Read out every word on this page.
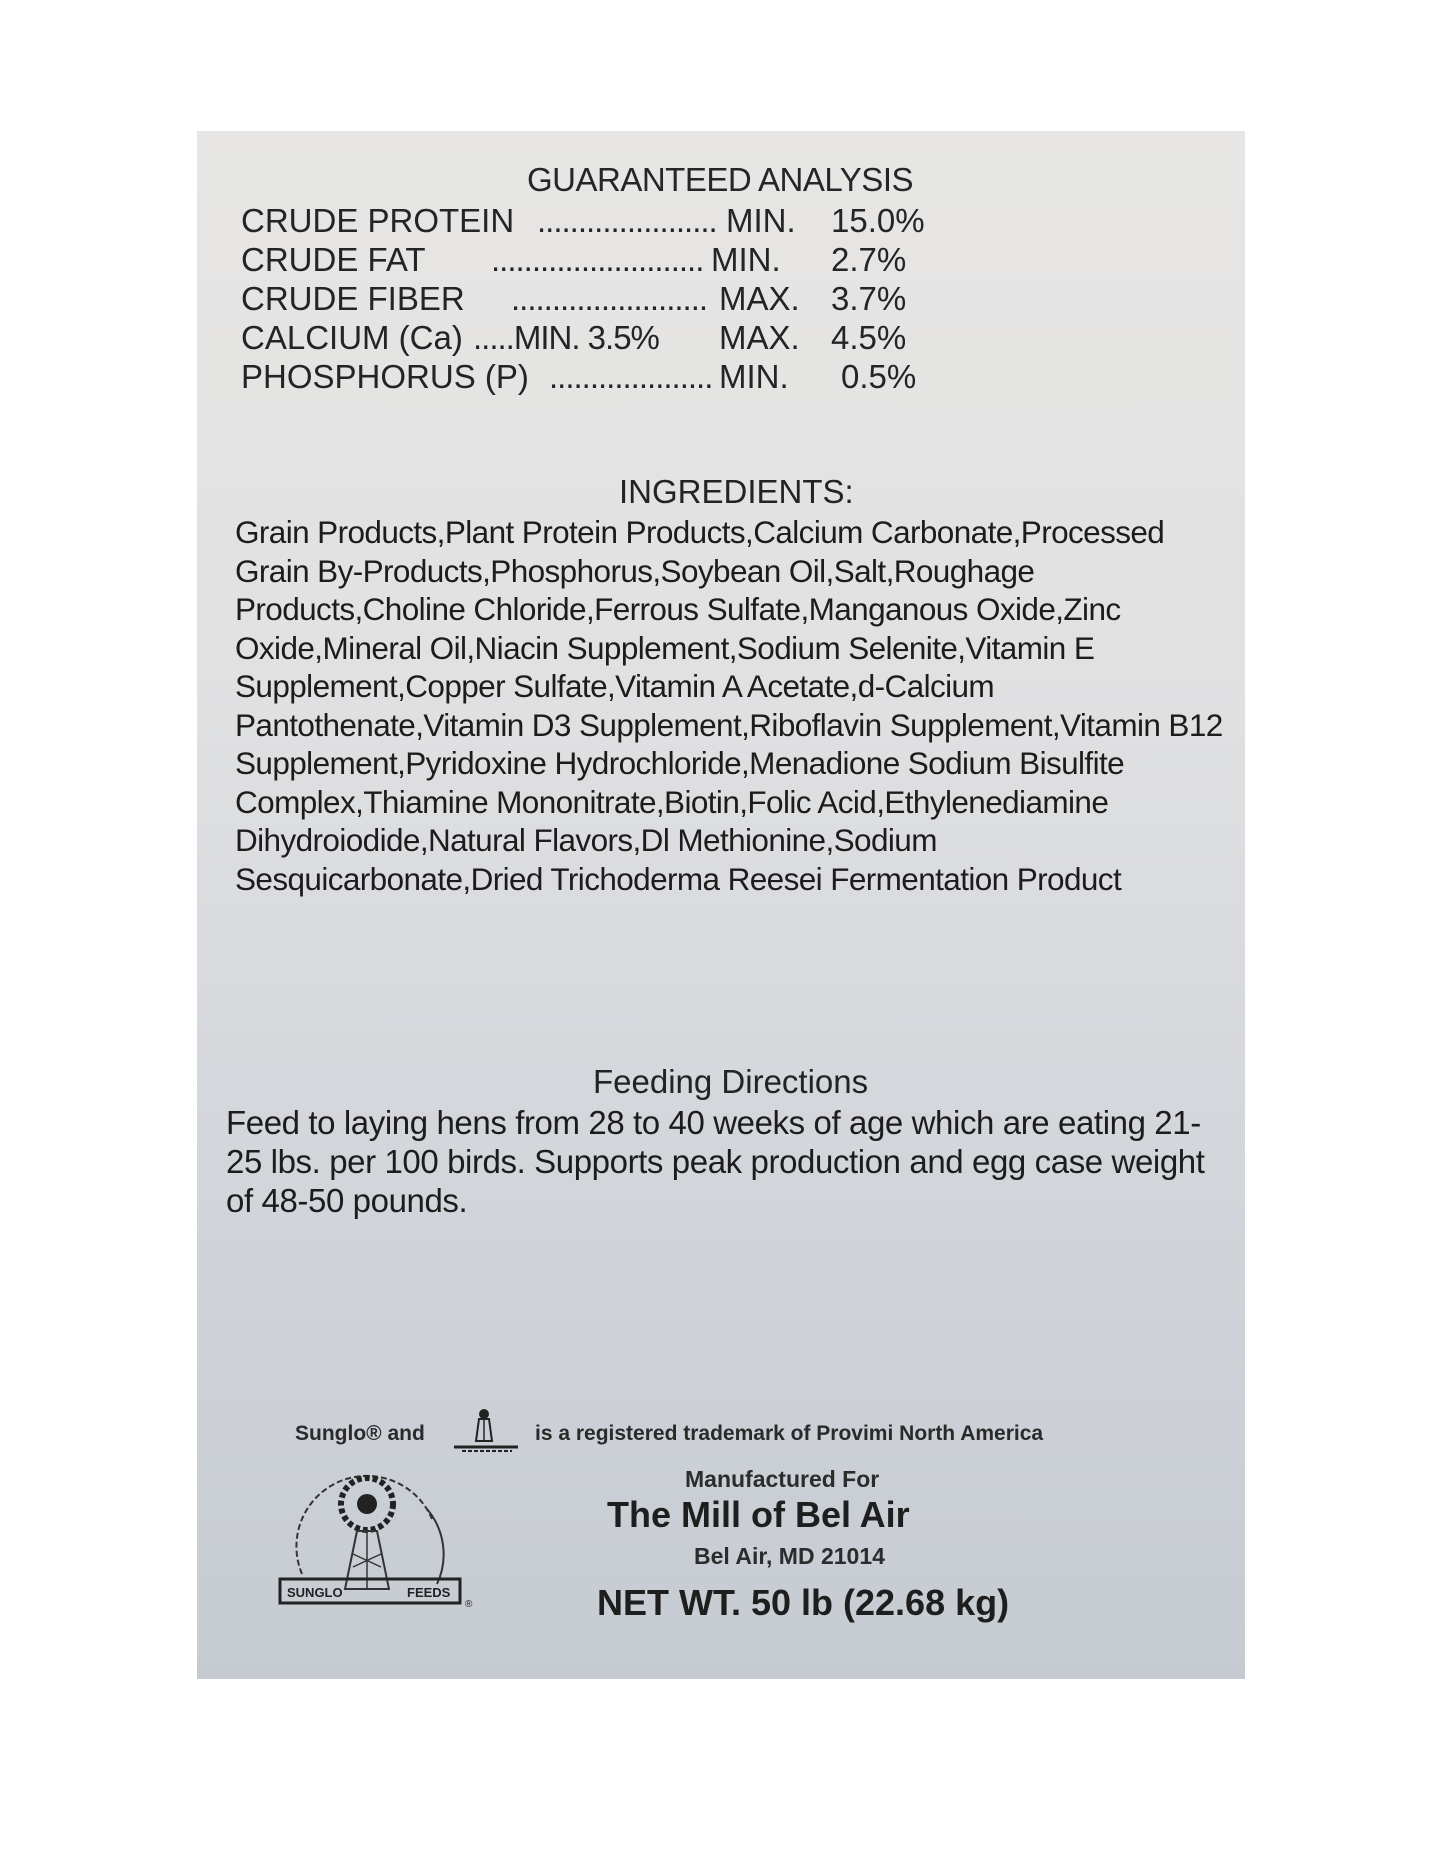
GUARANTEED ANALYSIS
CRUDE PROTEIN ...................... MIN. 15.0%
CRUDE FAT .......................... MIN. 2.7%
CRUDE FIBER ........................ MAX. 3.7%
CALCIUM (Ca) .....MIN. 3.5% MAX. 4.5%
PHOSPHORUS (P) .................... MIN. 0.5%
INGREDIENTS:
Grain Products,Plant Protein Products,Calcium Carbonate,Processed Grain By-Products,Phosphorus,Soybean Oil,Salt,Roughage Products,Choline Chloride,Ferrous Sulfate,Manganous Oxide,Zinc Oxide,Mineral Oil,Niacin Supplement,Sodium Selenite,Vitamin E Supplement,Copper Sulfate,Vitamin A Acetate,d-Calcium Pantothenate,Vitamin D3 Supplement,Riboflavin Supplement,Vitamin B12 Supplement,Pyridoxine Hydrochloride,Menadione Sodium Bisulfite Complex,Thiamine Mononitrate,Biotin,Folic Acid,Ethylenediamine Dihydroiodide,Natural Flavors,Dl Methionine,Sodium Sesquicarbonate,Dried Trichoderma Reesei Fermentation Product
Feeding Directions
Feed to laying hens from 28 to 40 weeks of age which are eating 21-25 lbs. per 100 birds. Supports peak production and egg case weight of 48-50 pounds.
Sunglo® and	is a registered trademark of Provimi North America
SUNGLO	FEEDS
®
Manufactured For
The Mill of Bel Air
Bel Air, MD 21014
NET WT. 50 lb (22.68 kg)
